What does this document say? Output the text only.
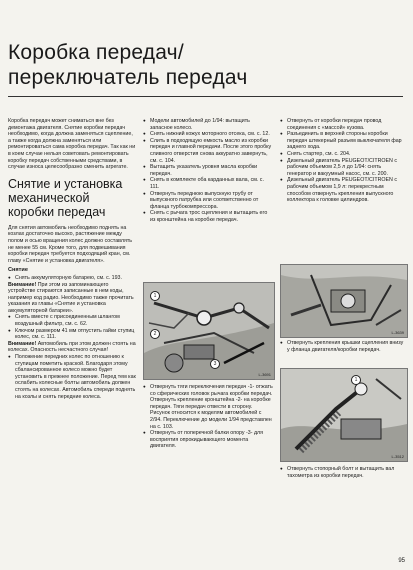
Коробка передач/
переключатель передач

Коробка передач может сниматься вне без демонтажа двигателя. Снятие коробки передач необходимо, когда должна заменяться сцепление, а также когда должна заменяться или ремонтироваться сама коробка передач. Так как ни в коем случае нельзя советовать ремонтировать коробку передач собственными средствами, в случае износа целесообразно сменить агрегатe.

Снятие и установка механической коробки передач

Для снятия автомобиль необходимо поднять на козлах достаточно высоко, растяжение между полом и осью вращения колес должно составлять не менее 55 см. Кроме того, для подвешивания коробки передач требуется подходящий кран, см. главу «Снятие и установка двигателя».

Снятие

● Снять аккумуляторную батарею, см. с. 193.

Внимание! При этом из запоминающего устройстве стираются записанные в нем коды, например код радио. Необходимо также прочитать указания из главы «Снятие и установка аккумуляторной батареи».

● Снять вместе с присоединенным шлангом воздушный фильтр, см. с. 62.

● Ключом размером 41 мм отпустить гайки ступиц колес, см. с. 111.

Внимание! Автомобиль при этом должен стоять на колесах. Опасность несчастного случая!

● Положение передних колес по отношению к ступицам пометить краской. Благодаря этому сбалансированное колесо можно будет установить в прежнее положение. Перед тем как ослабить колесные болты автомобиль должен стоять на колесах. Автомобиль спереди поднять на козлы и снять передние колеса.

● Модели автомобилей до 1/94: вытащить запасное колесо.

● Снять нижний кожух моторного отсека, см. с. 12.

● Слить в подходящую емкость масло из коробки передач и главной передачи. После этого пробку сливного отверстия снова аккуратно завернуть, см. с. 104.

● Вытащить указатель уровня масла коробки передач.

● Снять в комплекте оба карданных вала, см. с. 111.

● Отвернуть переднюю выпускную трубу от выпускного патрубка или соответственно от фланца турбокомпрессора.

● Снять с рычага трос сцепления и вытащить его из кронштейна на коробке передач.

1
2
3
L-3691

● Отвернуть тяги переключения передач -1- отжать со сферических головок рычага коробки передач. Отвернуть крепление кронштейна -2- на коробке передач. Тяги передач отвести в сторону. Рисунок относится к моделям автомобилей с 2/94. Переключение до модели 1/94 представлен на с. 103.

● Отвернуть от поперечной балки опору -3- для восприятия опрокидывающего момента двигателя.

● Отвернуть от коробки передач провод соединения с «массой» кузова.

● Разъединить в верхней стороны коробки передач штекерный разъем выключателя фар заднего хода.

● Снять стартер, см. с. 204.

● Дизельный двигатель PEUGEOT/CITROEN с рабочим объемом 2,5 л до 1/94: снять генератор и вакуумный насос, см. с. 200.

● Дизельный двигатель PEUGEOT/CITROEN с рабочим объемом 1,9 л: перекрестным способом отвернуть крепления выпускного коллектора к головке цилиндров.

L-3639

● Отвернуть крепления крышки сцепления внизу у фланца двигателя/коробки передач.

1
L-3512

● Отвернуть стопорный болт и вытащить вал тахометра из коробки передач.

95
